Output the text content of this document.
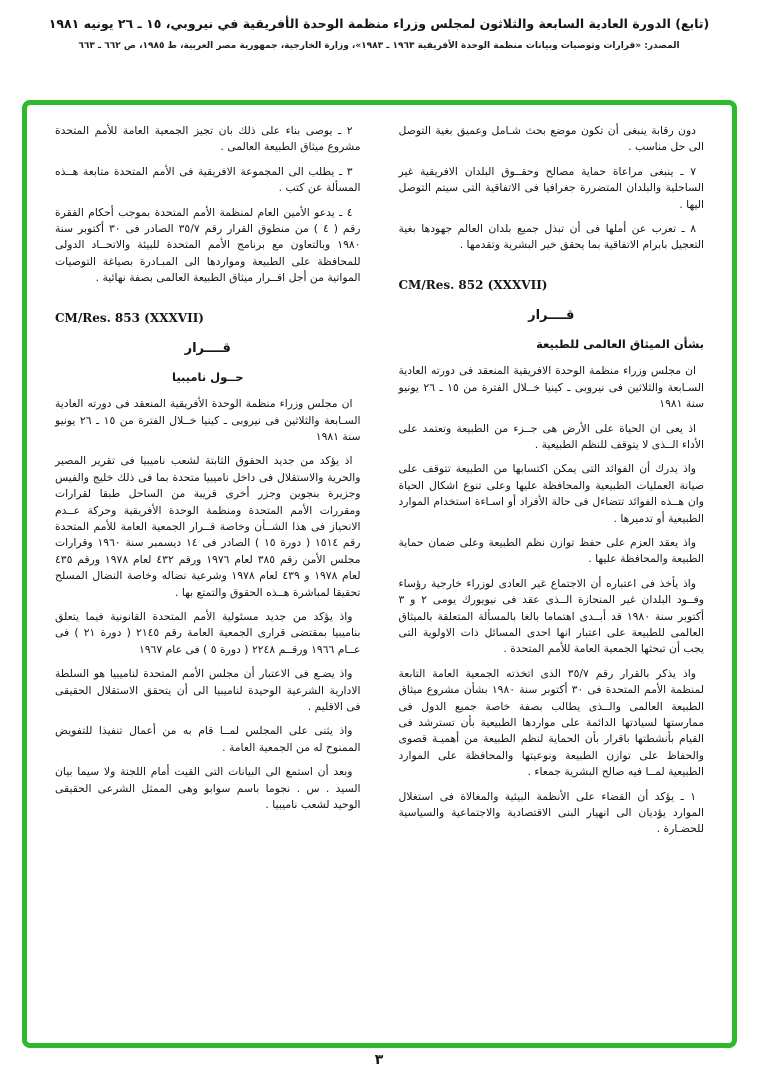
(تابع) الدورة العادية السابعة والثلاثون لمجلس وزراء منظمة الوحدة الأفريقية في نيروبي، ١٥ ـ ٢٦ يونيه ١٩٨١
المصدر: «قرارات وتوصيات وبيانات منظمة الوحدة الأفريقية ١٩٦٣ ـ ١٩٨٣»، وزارة الخارجية، جمهورية مصر العربية، ط ١٩٨٥، ص ٦٦٢ ـ ٦٦٣

دون رقابة ينبغى أن تكون موضع بحث شـامل وعميق بغية التوصل الى حل مناسب .

٧ ـ ينبغى مراعاة حماية مصالح وحقــوق البلدان الافريقية غير الساحلية والبلدان المتضررة جغرافيا فى الاتفاقية التى سيتم التوصل اليها .

٨ ـ تعرب عن أملها فى أن تبذل جميع بلدان العالم جهودها بغية التعجيل بابرام الاتفاقية بما يحقق خير البشرية وتقدمها .

CM/Res. 852 (XXXVII)
قــــرار
بشأن الميثاق العالمى للطبيعة

ان مجلس وزراء منظمة الوحدة الافريقية المنعقد فى دورته العادية السـابعة والثلاثين فى نيروبى ـ كينيا خــلال الفترة من ١٥ ـ ٢٦ يونيو سنة ١٩٨١

اذ يعى ان الحياة على الأرض هى جــزء من الطبيعة وتعتمد على الأداء الــذى لا يتوقف للنظم الطبيعية .

واذ يدرك أن الفوائد التى يمكن اكتسابها من الطبيعة تتوقف على صيانة العمليات الطبيعية والمحافظة عليها وعلى تنوع اشكال الحياة وان هــذه الفوائد تتضاءل فى حالة الأفراد أو اسـاءة استخدام الموارد الطبيعية أو تدميرها .

واذ يعقد العزم على حفظ توازن نظم الطبيعة وعلى ضمان حماية الطبيعة والمحافظة عليها .

واذ يأخذ فى اعتباره أن الاجتماع غير العادى لوزراء خارجية رؤساء وفــود البلدان غير المنحازة الــذى عقد فى نيويورك يومى ٢ و ٣ أكتوبر سنة ١٩٨٠ قد أبــدى اهتماما بالغا بالمسألة المتعلقة بالميثاق العالمى للطبيعة على اعتبار انها احدى المسائل ذات الاولوية التى يجب أن تبحثها الجمعية العامة للأمم المتحدة .

واذ يذكر بالقرار رقم ٣٥/٧ الذى اتخذته الجمعية العامة التابعة لمنظمة الأمم المتحدة فى ٣٠ أكتوبر سنة ١٩٨٠ بشأن مشروع ميثاق الطبيعة العالمى والــذى يطالب بصفة خاصة جميع الدول فى ممارستها لسيادتها الدائمة على مواردها الطبيعية بأن تسترشد فى القيام بأنشطتها باقرار بأن الحماية لنظم الطبيعة من أهميـة قصوى والحفاظ على توازن الطبيعة ونوعيتها والمحافظة على الموارد الطبيعية لمــا فيه صالح البشرية جمعاء .

١ ـ يؤكد أن القضاء على الأنظمة البيئية والمغالاة فى استغلال الموارد يؤديان الى انهيار البنى الاقتصادية والاجتماعية والسياسية للحضـارة .

٢ ـ يوصى بناء على ذلك بان تجيز الجمعية العامة للأمم المتحدة مشروع ميثاق الطبيعة العالمى .

٣ ـ يطلب الى المجموعة الافريقية فى الأمم المتحدة متابعة هــذه المسألة عن كتب .

٤ ـ يدعو الأمين العام لمنظمة الأمم المتحدة بموجب أحكام الفقرة رقم ( ٤ ) من منطوق القرار رقم ٣٥/٧ الصادر فى ٣٠ أكتوبر سنة ١٩٨٠ وبالتعاون مع برنامج الأمم المتحدة للبيئة والاتحــاد الدولى للمحافظة على الطبيعة ومواردها الى المبـادرة بصياغة التوصيات المواتية من أجل اقــرار ميثاق الطبيعة العالمى بصفة نهائية .

CM/Res. 853 (XXXVII)
قــــرار
حــول ناميبيا

ان مجلس وزراء منظمة الوحدة الأفريقية المنعقد فى دورته العادية السـابعة والثلاثين فى نيروبى ـ كينيا خــلال الفترة من ١٥ ـ ٢٦ يونيو سنة ١٩٨١

اذ يؤكد من جديد الحقوق الثابتة لشعب ناميبيا فى تقرير المصير والحرية والاستقلال فى داخل ناميبيا متحدة بما فى ذلك خليج والفيس وجزيرة بنجوين وجزر أخرى قريبة من الساحل طبقا لقرارات ومقررات الأمم المتحدة ومنظمة الوحدة الأفريقية وحركة عــدم الانحياز فى هذا الشــأن وخاصة قــرار الجمعية العامة للأمم المتحدة رقم ١٥١٤ ( دورة ١٥ ) الصادر فى ١٤ ديسمبر سنة ١٩٦٠ وقرارات مجلس الأمن رقم ٣٨٥ لعام ١٩٧٦ ورقم ٤٣٢ لعام ١٩٧٨ ورقم ٤٣٥ لعام ١٩٧٨ و ٤٣٩ لعام ١٩٧٨ وشرعية نضاله وخاصة النضال المسلح تحقيقا لمباشرة هــذه الحقوق والتمتع بها .

واذ يؤكد من جديد مسئولية الأمم المتحدة القانونية فيما يتعلق بناميبيا بمقتضى قرارى الجمعية العامة رقم ٢١٤٥ ( دورة ٢١ ) فى عــام ١٩٦٦ ورقــم ٢٢٤٨ ( دورة ٥ ) فى عام ١٩٦٧

واذ يضـع فى الاعتبار أن مجلس الأمم المتحدة لناميبيا هو السلطة الادارية الشرعية الوحيدة لناميبيا الى أن يتحقق الاستقلال الحقيقى فى الاقليم .

واذ يثنى على المجلس لمــا قام به من أعمال تنفيذا للتفويض الممنوح له من الجمعية العامة .

وبعد أن استمع الى البيانات التى القيت أمام اللجنة ولا سيما بيان السيد . س . نجوما باسم سوابو وهى الممثل الشرعى الحقيقى الوحيد لشعب ناميبيا .

٣
